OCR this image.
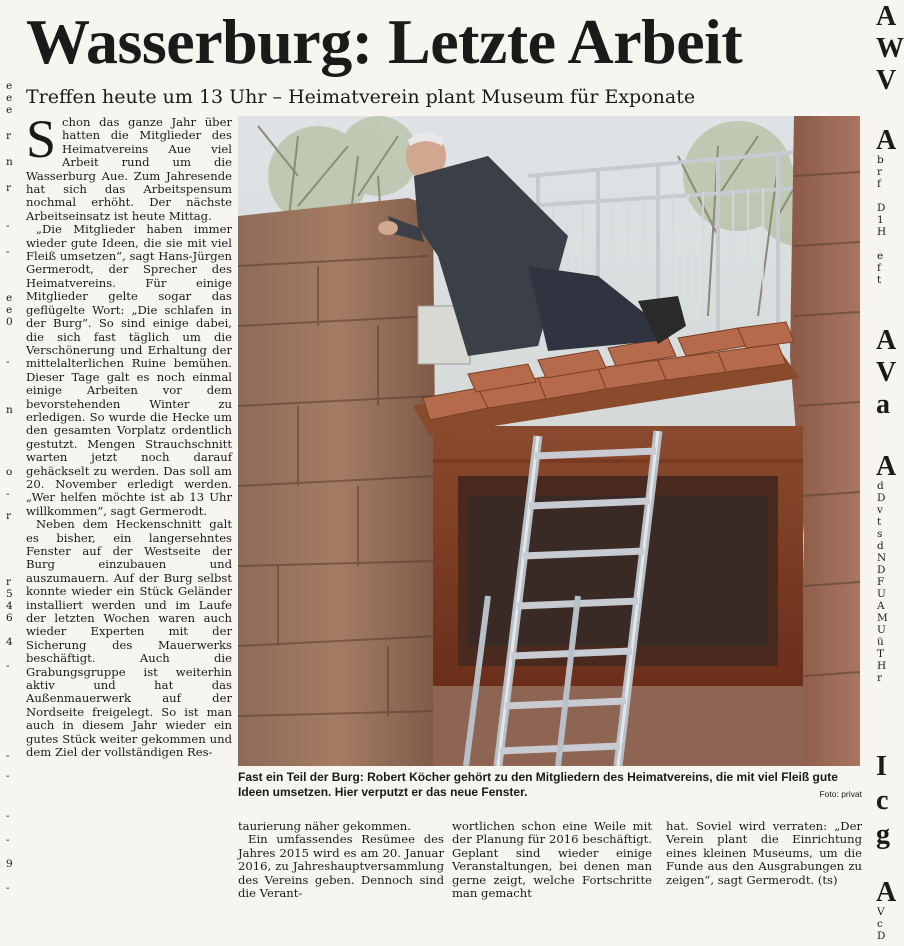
e
e
e
r
n
r
-
-
e
e
0
-
n
o
-
r
r
5
4
6
4
-
-
-
-
-
9
-
A
W
V
A
b
r
f
D
1
H
e
f
t
A
V
a
A
d
D
v
t
s
d
N
D
F
U
A
M
U
ü
T
H
r
I
c
g
A
V
c
D
Wasserburg: Letzte Arbeit
Treffen heute um 13 Uhr – Heimatverein plant Museum für Exponate

Schon das ganze Jahr über hatten die Mitglieder des Heimatvereins Aue viel Arbeit rund um die Wasserburg Aue. Zum Jahresende hat sich das Arbeitspensum nochmal erhöht. Der nächste Arbeitseinsatz ist heute Mittag.

„Die Mitglieder haben immer wieder gute Ideen, die sie mit viel Fleiß umsetzen“, sagt Hans-Jürgen Germerodt, der Sprecher des Heimatvereins. Für einige Mitglieder gelte sogar das geflügelte Wort: „Die schlafen in der Burg“. So sind einige dabei, die sich fast täglich um die Verschönerung und Erhaltung der mittelalterlichen Ruine bemühen. Dieser Tage galt es noch einmal einige Arbeiten vor dem bevorstehenden Winter zu erledigen. So wurde die Hecke um den gesamten Vorplatz ordentlich gestutzt. Mengen Strauchschnitt warten jetzt noch darauf gehäckselt zu werden. Das soll am 20. November erledigt werden. „Wer helfen möchte ist ab 13 Uhr willkommen“, sagt Germerodt.

Neben dem Heckenschnitt galt es bisher, ein langersehntes Fenster auf der Westseite der Burg einzubauen und auszumauern. Auf der Burg selbst konnte wieder ein Stück Geländer installiert werden und im Laufe der letzten Wochen waren auch wieder Experten mit der Sicherung des Mauerwerks beschäftigt. Auch die Grabungsgruppe ist weiterhin aktiv und hat das Außenmauerwerk auf der Nordseite freigelegt. So ist man auch in diesem Jahr wieder ein gutes Stück weiter gekommen und dem Ziel der vollständigen Res-

Fast ein Teil der Burg: Robert Köcher gehört zu den Mitgliedern des Heimatvereins, die mit viel Fleiß gute Ideen umsetzen. Hier verputzt er das neue Fenster.	Foto: privat

taurierung näher gekommen.

Ein umfassendes Resümee des Jahres 2015 wird es am 20. Januar 2016, zu Jahreshauptversammlung des Vereins geben. Dennoch sind die Verant-

wortlichen schon eine Weile mit der Planung für 2016 beschäftigt. Geplant sind wieder einige Veranstaltungen, bei denen man gerne zeigt, welche Fortschritte man gemacht

hat. Soviel wird verraten: „Der Verein plant die Einrichtung eines kleinen Museums, um die Funde aus den Ausgrabungen zu zeigen“, sagt Germerodt. (ts)
